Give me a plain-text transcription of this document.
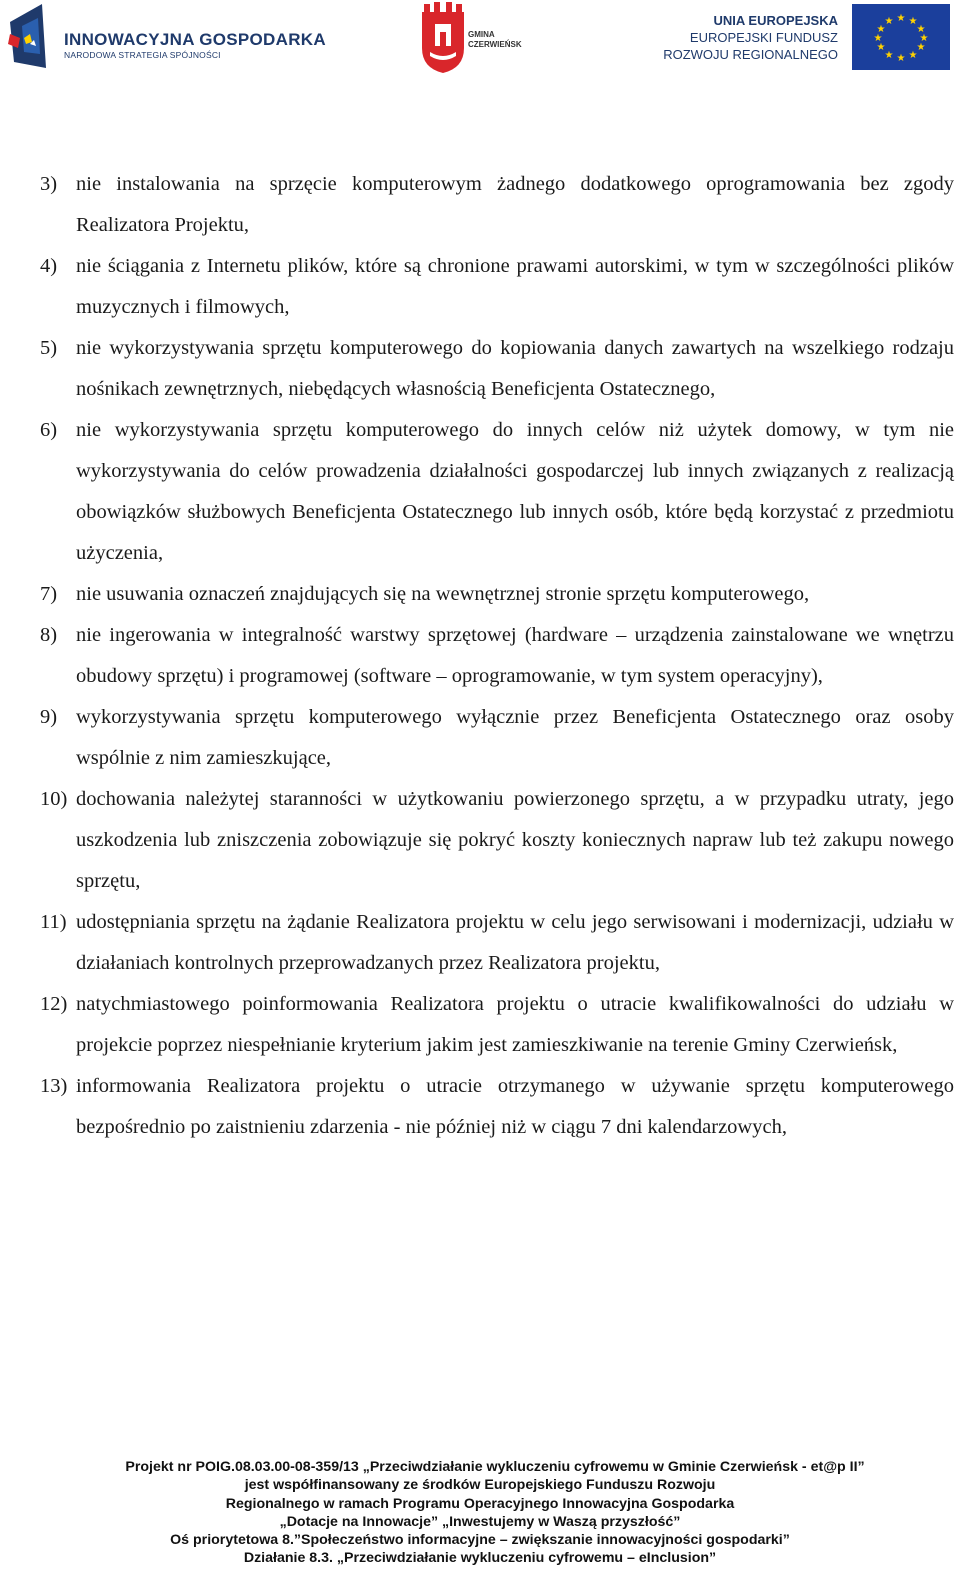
INNOWACYJNA GOSPODARKA
NARODOWA STRATEGIA SPÓJNOŚCI
GMINA
CZERWIEŃSK
UNIA EUROPEJSKA
EUROPEJSKI FUNDUSZ
ROZWOJU REGIONALNEGO
★ ★
★
★
★
★
★
★
★
★
★
★
3) nie instalowania na sprzęcie komputerowym żadnego dodatkowego oprogramowania bez zgody Realizatora Projektu,
4) nie ściągania z Internetu plików, które są chronione prawami autorskimi, w tym w szczególności plików muzycznych i filmowych,
5) nie wykorzystywania sprzętu komputerowego do kopiowania danych zawartych na wszelkiego rodzaju nośnikach zewnętrznych, niebędących własnością Beneficjenta Ostatecznego,
6) nie wykorzystywania sprzętu komputerowego do innych celów niż użytek domowy, w tym nie wykorzystywania do celów prowadzenia działalności gospodarczej lub innych związanych z realizacją obowiązków służbowych Beneficjenta Ostatecznego lub innych osób, które będą korzystać z przedmiotu użyczenia,
7) nie usuwania oznaczeń znajdujących się na wewnętrznej stronie sprzętu komputerowego,
8) nie ingerowania w integralność warstwy sprzętowej (hardware – urządzenia zainstalowane we wnętrzu obudowy sprzętu) i programowej (software – oprogramowanie, w tym system operacyjny),
9) wykorzystywania sprzętu komputerowego wyłącznie przez Beneficjenta Ostatecznego oraz osoby wspólnie z nim zamieszkujące,
10) dochowania należytej staranności w użytkowaniu powierzonego sprzętu, a w przypadku utraty, jego uszkodzenia lub zniszczenia zobowiązuje się pokryć koszty koniecznych napraw lub też zakupu nowego sprzętu,
11) udostępniania sprzętu na żądanie Realizatora projektu w celu jego serwisowani i modernizacji, udziału w działaniach kontrolnych przeprowadzanych przez Realizatora projektu,
12) natychmiastowego poinformowania Realizatora projektu o utracie kwalifikowalności do udziału w projekcie poprzez niespełnianie kryterium jakim jest zamieszkiwanie na terenie Gminy Czerwieńsk,
13) informowania Realizatora projektu o utracie otrzymanego w używanie sprzętu komputerowego bezpośrednio po zaistnieniu zdarzenia - nie później niż w ciągu 7 dni kalendarzowych,
Projekt nr POIG.08.03.00-08-359/13 „Przeciwdziałanie wykluczeniu cyfrowemu w Gminie Czerwieńsk - et@p II”
jest współfinansowany ze środków Europejskiego Funduszu Rozwoju
Regionalnego w ramach Programu Operacyjnego Innowacyjna Gospodarka
„Dotacje na Innowacje” „Inwestujemy w Waszą przyszłość”
Oś priorytetowa 8.”Społeczeństwo informacyjne – zwiększanie innowacyjności gospodarki”
Działanie 8.3. „Przeciwdziałanie wykluczeniu cyfrowemu – eInclusion”
